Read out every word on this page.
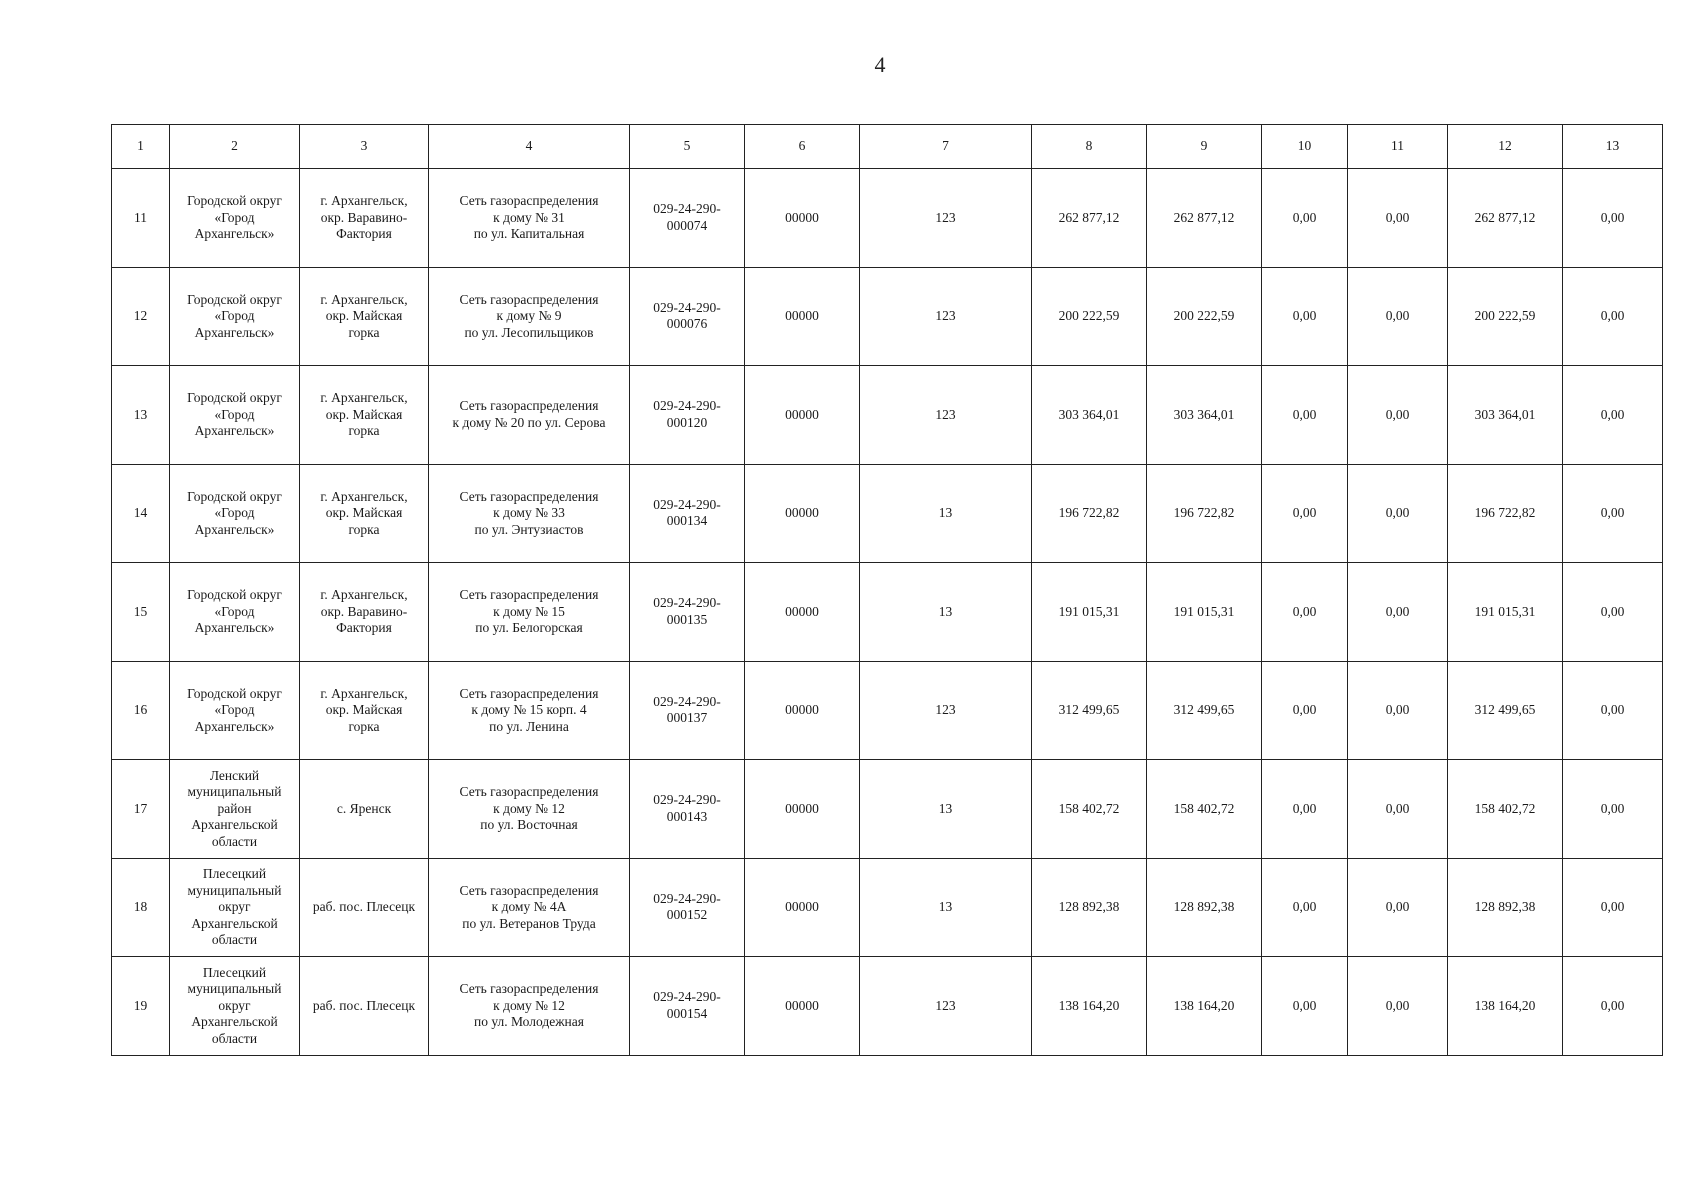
4
1	2	3	4	5	6	7	8	9	10	11	12	13
11	Городской округ
«Город
Архангельск»	г. Архангельск,
окр. Варавино-
Фактория	Сеть газораспределения
к дому № 31
по ул. Капитальная	029-24-290-
000074	00000	123	262 877,12	262 877,12	0,00	0,00	262 877,12	0,00
12	Городской округ
«Город
Архангельск»	г. Архангельск,
окр. Майская
горка	Сеть газораспределения
к дому № 9
по ул. Лесопильщиков	029-24-290-
000076	00000	123	200 222,59	200 222,59	0,00	0,00	200 222,59	0,00
13	Городской округ
«Город
Архангельск»	г. Архангельск,
окр. Майская
горка	Сеть газораспределения
к дому № 20 по ул. Серова	029-24-290-
000120	00000	123	303 364,01	303 364,01	0,00	0,00	303 364,01	0,00
14	Городской округ
«Город
Архангельск»	г. Архангельск,
окр. Майская
горка	Сеть газораспределения
к дому № 33
по ул. Энтузиастов	029-24-290-
000134	00000	13	196 722,82	196 722,82	0,00	0,00	196 722,82	0,00
15	Городской округ
«Город
Архангельск»	г. Архангельск,
окр. Варавино-
Фактория	Сеть газораспределения
к дому № 15
по ул. Белогорская	029-24-290-
000135	00000	13	191 015,31	191 015,31	0,00	0,00	191 015,31	0,00
16	Городской округ
«Город
Архангельск»	г. Архангельск,
окр. Майская
горка	Сеть газораспределения
к дому № 15 корп. 4
по ул. Ленина	029-24-290-
000137	00000	123	312 499,65	312 499,65	0,00	0,00	312 499,65	0,00
17	Ленский
муниципальный
район
Архангельской
области	с. Яренск	Сеть газораспределения
к дому № 12
по ул. Восточная	029-24-290-
000143	00000	13	158 402,72	158 402,72	0,00	0,00	158 402,72	0,00
18	Плесецкий
муниципальный
округ
Архангельской
области	раб. пос. Плесецк	Сеть газораспределения
к дому № 4А
по ул. Ветеранов Труда	029-24-290-
000152	00000	13	128 892,38	128 892,38	0,00	0,00	128 892,38	0,00
19	Плесецкий
муниципальный
округ
Архангельской
области	раб. пос. Плесецк	Сеть газораспределения
к дому № 12
по ул. Молодежная	029-24-290-
000154	00000	123	138 164,20	138 164,20	0,00	0,00	138 164,20	0,00
